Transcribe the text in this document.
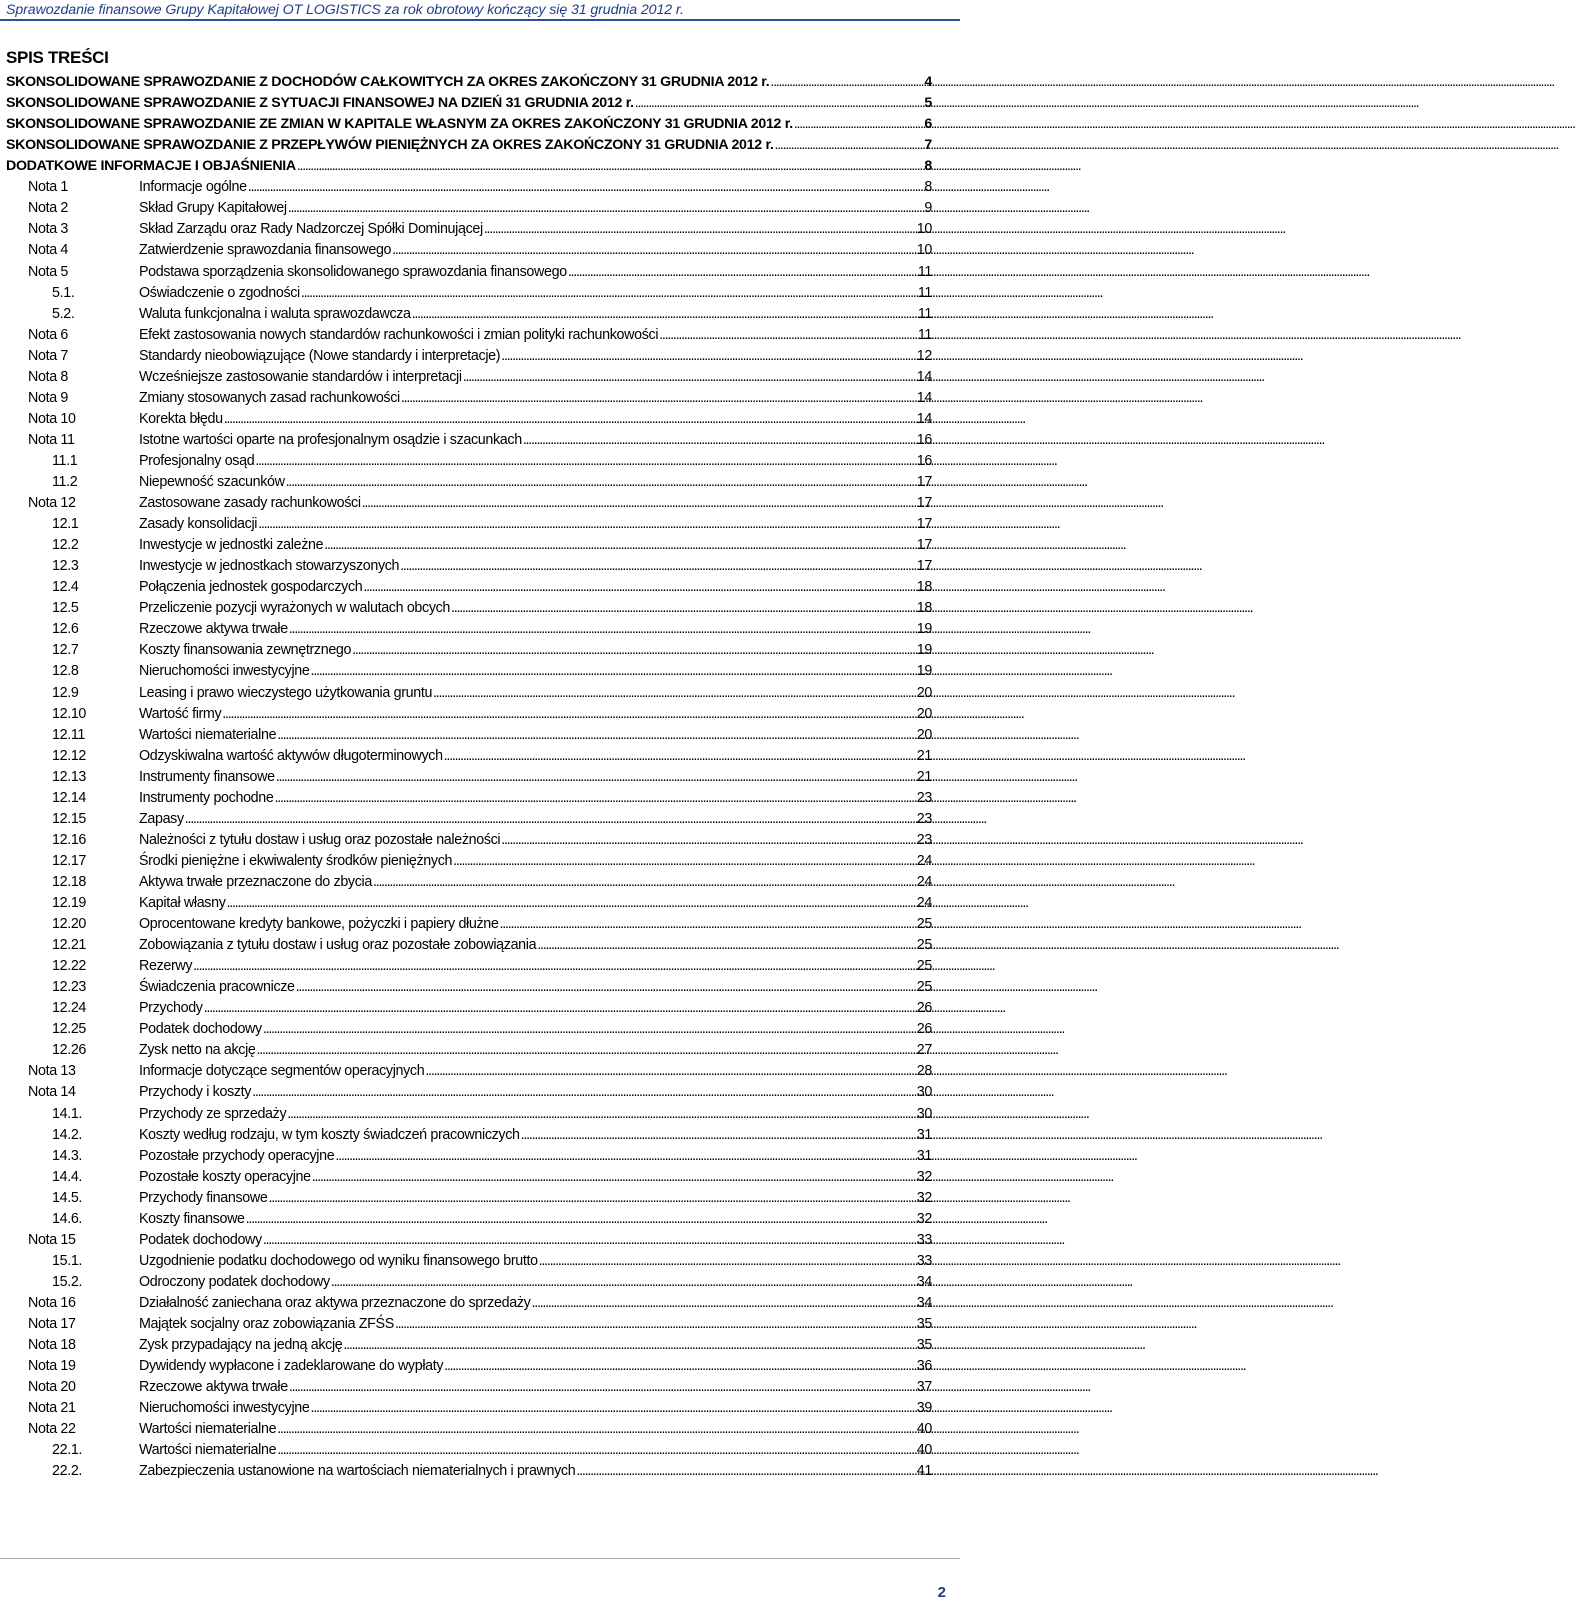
Sprawozdanie finansowe Grupy Kapitałowej OT LOGISTICS za rok obrotowy kończący się 31 grudnia 2012 r.
SPIS TREŚCI
SKONSOLIDOWANE SPRAWOZDANIE Z DOCHODÓW CAŁKOWITYCH ZA OKRES ZAKOŃCZONY 31 GRUDNIA 2012 r. . . .	4
SKONSOLIDOWANE SPRAWOZDANIE Z SYTUACJI FINANSOWEJ NA DZIEŃ 31 GRUDNIA 2012 r. . . .	5
SKONSOLIDOWANE SPRAWOZDANIE ZE ZMIAN W KAPITALE WŁASNYM ZA OKRES ZAKOŃCZONY 31 GRUDNIA 2012 r. . . .	6
SKONSOLIDOWANE SPRAWOZDANIE Z PRZEPŁYWÓW PIENIĘŻNYCH ZA OKRES ZAKOŃCZONY 31 GRUDNIA 2012 r. . . .	7
DODATKOWE INFORMACJE I OBJAŚNIENIA . . .	8
Nota 1	Informacje ogólne . . .	8
Nota 2	Skład Grupy Kapitałowej . . .	9
Nota 3	Skład Zarządu oraz Rady Nadzorczej Spółki Dominującej . . .	10
Nota 4	Zatwierdzenie sprawozdania finansowego . . .	10
Nota 5	Podstawa sporządzenia skonsolidowanego sprawozdania finansowego . . .	11
5.1.	Oświadczenie o zgodności . . .	11
5.2.	Waluta funkcjonalna i waluta sprawozdawcza . . .	11
Nota 6	Efekt zastosowania nowych standardów rachunkowości i zmian polityki rachunkowości . . .	11
Nota 7	Standardy nieobowiązujące (Nowe standardy i interpretacje) . . .	12
Nota 8	Wcześniejsze zastosowanie standardów i interpretacji . . .	14
Nota 9	Zmiany stosowanych zasad rachunkowości . . .	14
Nota 10	Korekta błędu . . .	14
Nota 11	Istotne wartości oparte na profesjonalnym osądzie i szacunkach . . .	16
11.1	Profesjonalny osąd . . .	16
11.2	Niepewność szacunków . . .	17
Nota 12	Zastosowane zasady rachunkowości . . .	17
12.1	Zasady konsolidacji . . .	17
12.2	Inwestycje w jednostki zależne . . .	17
12.3	Inwestycje w jednostkach stowarzyszonych . . .	17
12.4	Połączenia jednostek gospodarczych . . .	18
12.5	Przeliczenie pozycji wyrażonych w walutach obcych . . .	18
12.6	Rzeczowe aktywa trwałe . . .	19
12.7	Koszty finansowania zewnętrznego . . .	19
12.8	Nieruchomości inwestycyjne . . .	19
12.9	Leasing i prawo wieczystego użytkowania gruntu . . .	20
12.10	Wartość firmy . . .	20
12.11	Wartości niematerialne . . .	20
12.12	Odzyskiwalna wartość aktywów długoterminowych . . .	21
12.13	Instrumenty finansowe . . .	21
12.14	Instrumenty pochodne . . .	23
12.15	Zapasy . . .	23
12.16	Należności z tytułu dostaw i usług oraz pozostałe należności . . .	23
12.17	Środki pieniężne i ekwiwalenty środków pieniężnych . . .	24
12.18	Aktywa trwałe przeznaczone do zbycia . . .	24
12.19	Kapitał własny . . .	24
12.20	Oprocentowane kredyty bankowe, pożyczki i papiery dłużne . . .	25
12.21	Zobowiązania z tytułu dostaw i usług oraz pozostałe zobowiązania . . .	25
12.22	Rezerwy . . .	25
12.23	Świadczenia pracownicze . . .	25
12.24	Przychody . . .	26
12.25	Podatek dochodowy . . .	26
12.26	Zysk netto na akcję . . .	27
Nota 13	Informacje dotyczące segmentów operacyjnych . . .	28
Nota 14	Przychody i koszty . . .	30
14.1.	Przychody ze sprzedaży . . .	30
14.2.	Koszty według rodzaju, w tym koszty świadczeń pracowniczych . . .	31
14.3.	Pozostałe przychody operacyjne . . .	31
14.4.	Pozostałe koszty operacyjne . . .	32
14.5.	Przychody finansowe . . .	32
14.6.	Koszty finansowe . . .	32
Nota 15	Podatek dochodowy . . .	33
15.1.	Uzgodnienie podatku dochodowego od wyniku finansowego brutto . . .	33
15.2.	Odroczony podatek dochodowy . . .	34
Nota 16	Działalność zaniechana oraz aktywa przeznaczone do sprzedaży . . .	34
Nota 17	Majątek socjalny oraz zobowiązania ZFŚS . . .	35
Nota 18	Zysk przypadający na jedną akcję . . .	35
Nota 19	Dywidendy wypłacone i zadeklarowane do wypłaty . . .	36
Nota 20	Rzeczowe aktywa trwałe . . .	37
Nota 21	Nieruchomości inwestycyjne . . .	39
Nota 22	Wartości niematerialne . . .	40
22.1.	Wartości niematerialne . . .	40
22.2.	Zabezpieczenia ustanowione na wartościach niematerialnych i prawnych . . .	41
2
